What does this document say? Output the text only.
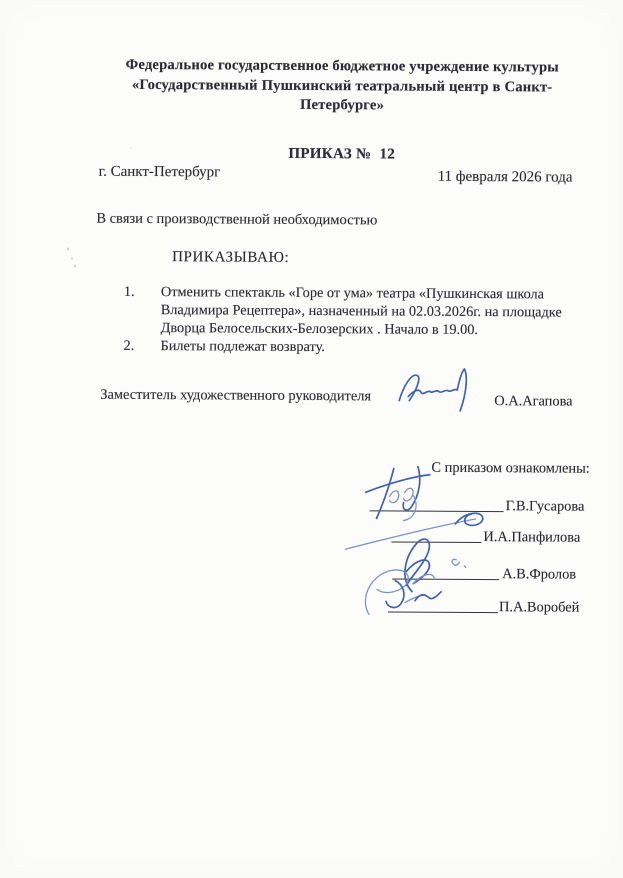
Федеральное государственное бюджетное учреждение культуры
«Государственный Пушкинский театральный центр в Санкт-
Петербурге»
ПРИКАЗ №  12
г. Санкт-Петербург	11 февраля 2026 года
В связи с производственной необходимостью
ПРИКАЗЫВАЮ:
1.	Отменить спектакль «Горе от ума» театра «Пушкинская школа Владимира Рецептера», назначенный на 02.03.2026г. на площадке Дворца Белосельских-Белозерских . Начало в 19.00.
2.	Билеты подлежат возврату.
Заместитель художественного руководителя	О.А.Агапова
С приказом ознакомлены:
Г.В.Гусарова
И.А.Панфилова
А.В.Фролов
П.А.Воробей
